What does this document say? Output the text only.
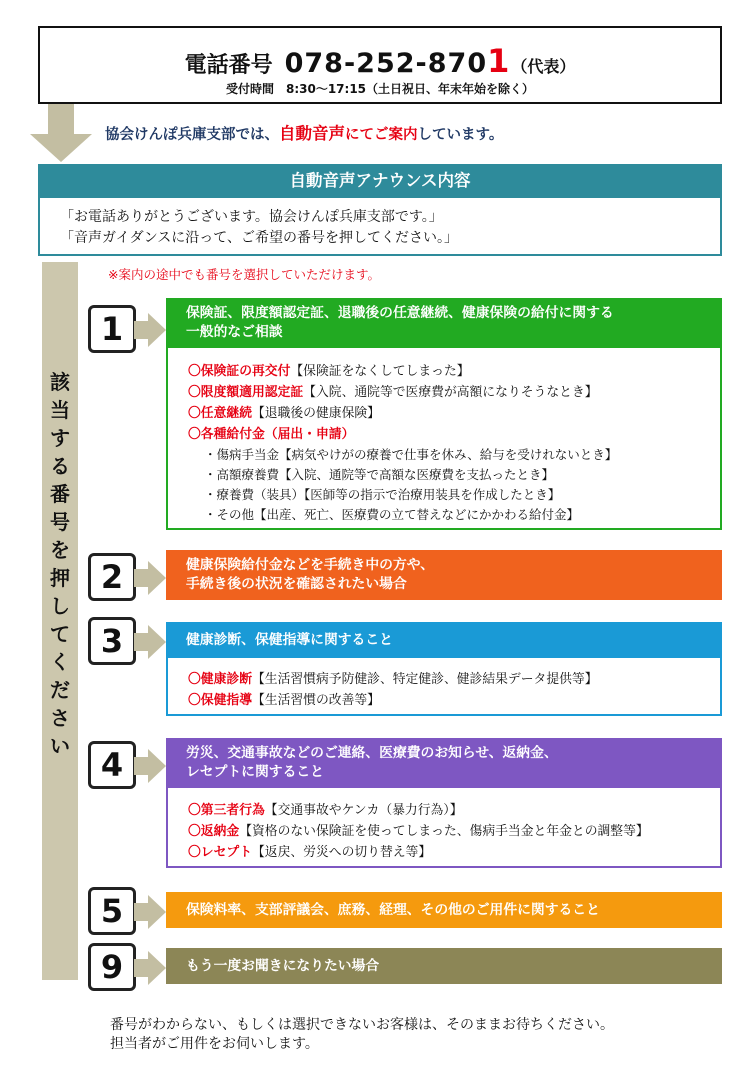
電話番号 078-252-8701 （代表）
受付時間　8:30～17:15（土日祝日、年末年始を除く）
協会けんぽ兵庫支部では、自動音声にてご案内しています。
自動音声アナウンス内容
「お電話ありがとうございます。協会けんぽ兵庫支部です。」
「音声ガイダンスに沿って、ご希望の番号を押してください。」
該
当
す
る
番
号
を
押
し
て
く
だ
さ
い
※案内の途中でも番号を選択していただけます。
1	保険証、限度額認定証、退職後の任意継続、健康保険の給付に関する
一般的なご相談
〇保険証の再交付【保険証をなくしてしまった】
〇限度額適用認定証【入院、通院等で医療費が高額になりそうなとき】
〇任意継続【退職後の健康保険】
〇各種給付金（届出・申請）
・傷病手当金【病気やけがの療養で仕事を休み、給与を受けれないとき】
・高額療養費【入院、通院等で高額な医療費を支払ったとき】
・療養費（装具）【医師等の指示で治療用装具を作成したとき】
・その他【出産、死亡、医療費の立て替えなどにかかわる給付金】
2	健康保険給付金などを手続き中の方や、
手続き後の状況を確認されたい場合
3	健康診断、保健指導に関すること
〇健康診断【生活習慣病予防健診、特定健診、健診結果データ提供等】
〇保健指導【生活習慣の改善等】
4	労災、交通事故などのご連絡、医療費のお知らせ、返納金、
レセプトに関すること
〇第三者行為【交通事故やケンカ（暴力行為）】
〇返納金【資格のない保険証を使ってしまった、傷病手当金と年金との調整等】
〇レセプト【返戻、労災への切り替え等】
5	保険料率、支部評議会、庶務、経理、その他のご用件に関すること
9	もう一度お聞きになりたい場合
番号がわからない、もしくは選択できないお客様は、そのままお待ちください。
担当者がご用件をお伺いします。
